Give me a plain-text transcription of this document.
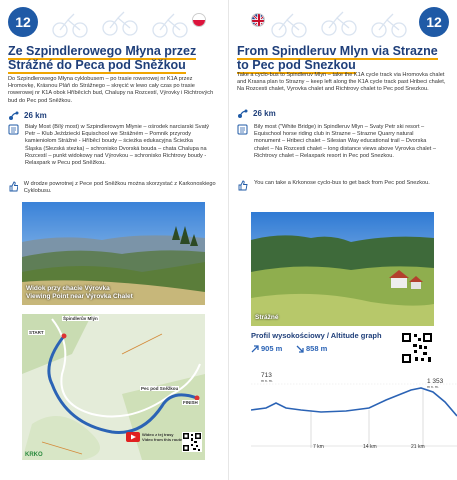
12
Ze Szpindlerowego Młyna przez Strážné do Peca pod Sněžkou

Do Szpindlerowego Młyna cyklobusem – po trasie rowerowej nr K1A przez Hromovkę, Krásnou Pláň do Strážnego – skręcić w lewo cały czas po trasie rowerowej nr K1A obok Hříběcích bud, Chalupy na Rozcestí, Výrovky i Richtrových bud do Pec pod Sněžkou.

26 km

Biały Most (Bílý most) w Szpindlerowym Młynie – ośrodek narciarski Svatý Petr – Klub Jeździecki Equischool we Strážném – Pomnik przyrody kamieniołom Strážné - Hříběcí boudy – ścieżka edukacyjna Ścieżka Śląska (Slezská stezka) – schronisko Dvorská bouda – chata Chalupa na Rozcestí – punkt widokowy nad Výrovkou – schronisko Richtrovy boudy - Relaxpark w Pecu pod Sněžkou.

W drodze powrotnej z Pece pod Sněžkou można skorzystać z Karkonoskiego Cyklobusu.

Widok przy chacie Výrovka
Viewing Point near Výrovka Chalet
Špindlerův Mlýn
START
Pec pod Sněžkou
FINISH
Wideo z tej trasy
Video from this route
KRKO
12
From Spindleruv Mlyn via Strazne to Pec pod Snezkou

Take a cyclo-bus to Spindleruv Mlyn – take the K1A cycle track via Hromovka chalet and Krasna plan to Strazny – keep left along the K1A cycle track past Hribeci chalet, Na Rozcesti chalet, Vyrovka chalet and Richtrovy chalet to Pec pod Snezkou.

26 km

Bily most ("White Bridge) in Spindleruv Mlyn – Svaty Petr ski resort – Equischool horse riding club in Strazne – Strazne Quarry natural monument – Hribeci chalet – Silesian Way educational trail – Dvorska chalet – Na Rozcesti chalet – long distance views above Vyrovka chalet – Richtrovy chalet – Relaxpark resort in Pec pod Snezkou.

You can take a Krkonose cyclo-bus to get back from Pec pod Snezkou.

Strážné
Profil wysokościowy / Altitude graph
905 m	858 m
713
m n. m.	1 353
m n. m.
7 km	14 km	21 km
